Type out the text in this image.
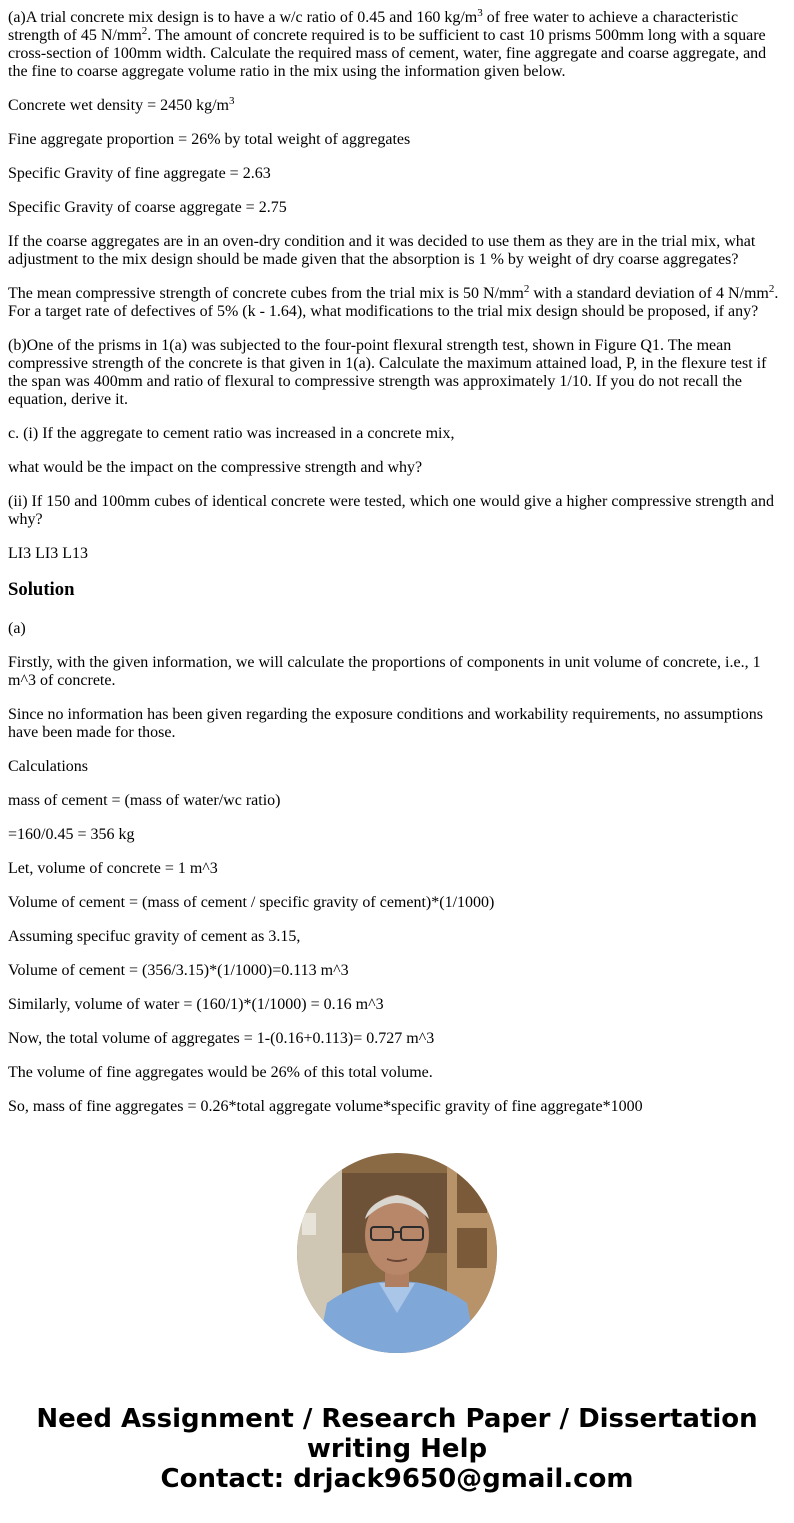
(a)A trial concrete mix design is to have a w/c ratio of 0.45 and 160 $kg/m^3$ of free water to achieve a characteristic strength of 45 $N/mm^2$. The amount of concrete required is to be sufficient to cast 10 prisms 500mm long with a square cross-section of 100mm width. Calculate the required mass of cement, water, fine aggregate and coarse aggregate, and the fine to coarse aggregate volume ratio in the mix using the information given below.

Concrete wet density = 2450 $kg/m^3$

Fine aggregate proportion = 26% by total weight of aggregates

Specific Gravity of fine aggregate = 2.63

Specific Gravity of coarse aggregate = 2.75

If the coarse aggregates are in an oven-dry condition and it was decided to use them as they are in the trial mix, what adjustment to the mix design should be made given that the absorption is 1 % by weight of dry coarse aggregates?

The mean compressive strength of concrete cubes from the trial mix is 50 $N/mm^2$ with a standard deviation of 4 $N/mm^2$. For a target rate of defectives of 5% (k - 1.64), what modifications to the trial mix design should be proposed, if any?

(b)One of the prisms in 1(a) was subjected to the four-point flexural strength test, shown in Figure Q1. The mean compressive strength of the concrete is that given in 1(a). Calculate the maximum attained load, P, in the flexure test if the span was 400mm and ratio of flexural to compressive strength was approximately 1/10. If you do not recall the equation, derive it.

c. (i) If the aggregate to cement ratio was increased in a concrete mix,

what would be the impact on the compressive strength and why?

(ii) If 150 and 100mm cubes of identical concrete were tested, which one would give a higher compressive strength and why?

LI3 LI3 L13

Solution

(a)

Firstly, with the given information, we will calculate the proportions of components in unit volume of concrete, i.e., 1 m^3 of concrete.

Since no information has been given regarding the exposure conditions and workability requirements, no assumptions have been made for those.

Calculations

mass of cement = (mass of water/wc ratio)

=160/0.45 = 356 kg

Let, volume of concrete = 1 m^3

Volume of cement = (mass of cement / specific gravity of cement)*(1/1000)

Assuming specifuc gravity of cement as 3.15,

Volume of cement = (356/3.15)*(1/1000)=0.113 m^3

Similarly, volume of water = (160/1)*(1/1000) = 0.16 m^3

Now, the total volume of aggregates = 1-(0.16+0.113)= 0.727 m^3

The volume of fine aggregates would be 26% of this total volume.

So, mass of fine aggregates = 0.26*total aggregate volume*specific gravity of fine aggregate*1000

Need Assignment / Research Paper / Dissertation
writing Help
Contact: drjack9650@gmail.com
